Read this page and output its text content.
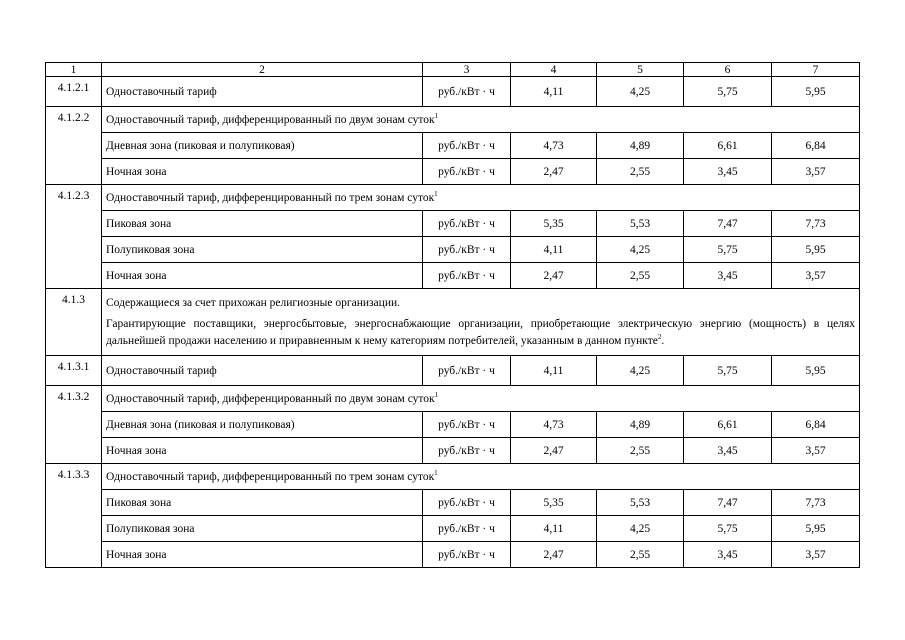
1	2	3	4	5	6	7
4.1.2.1	Одноставочный тариф	руб./кВт · ч	4,11	4,25	5,75	5,95
4.1.2.2	Одноставочный тариф, дифференцированный по двум зонам суток$^1$
	Дневная зона (пиковая и полупиковая)	руб./кВт · ч	4,73	4,89	6,61	6,84
	Ночная зона	руб./кВт · ч	2,47	2,55	3,45	3,57
4.1.2.3	Одноставочный тариф, дифференцированный по трем зонам суток$^1$
	Пиковая зона	руб./кВт · ч	5,35	5,53	7,47	7,73
	Полупиковая зона	руб./кВт · ч	4,11	4,25	5,75	5,95
	Ночная зона	руб./кВт · ч	2,47	2,55	3,45	3,57
4.1.3	Содержащиеся за счет прихожан религиозные организации.
Гарантирующие поставщики, энергосбытовые, энергоснабжающие организации, приобретающие электрическую энергию (мощность) в целях дальнейшей продажи населению и приравненным к нему категориям потребителей, указанным в данном пункте$^2$.					

4.1.3.1	Одноставочный тариф	руб./кВт · ч	4,11	4,25	5,75	5,95
4.1.3.2	Одноставочный тариф, дифференцированный по двум зонам суток$^1$
	Дневная зона (пиковая и полупиковая)	руб./кВт · ч	4,73	4,89	6,61	6,84
	Ночная зона	руб./кВт · ч	2,47	2,55	3,45	3,57
4.1.3.3	Одноставочный тариф, дифференцированный по трем зонам суток$^1$
	Пиковая зона	руб./кВт · ч	5,35	5,53	7,47	7,73
	Полупиковая зона	руб./кВт · ч	4,11	4,25	5,75	5,95
	Ночная зона	руб./кВт · ч	2,47	2,55	3,45	3,57
